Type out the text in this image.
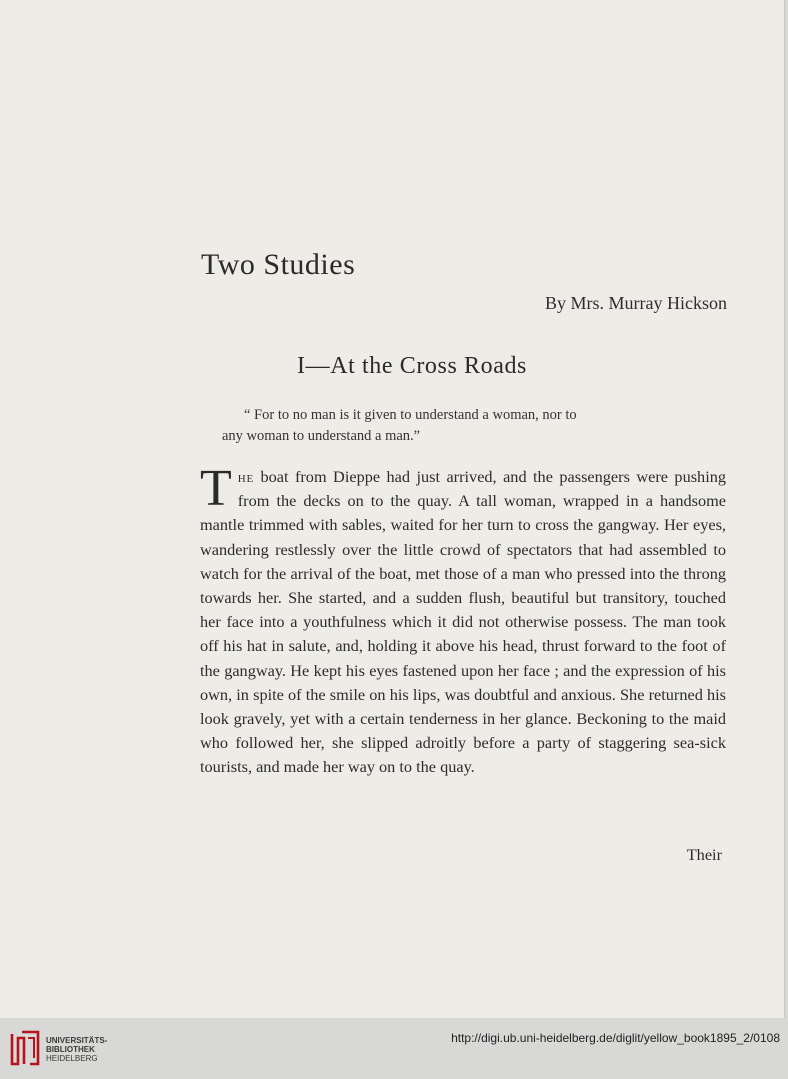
Two Studies
By Mrs. Murray Hickson
I—At the Cross Roads
“ For to no man is it given to understand a woman, nor to
any woman to understand a man.”
The boat from Dieppe had just arrived, and the passengers were pushing from the decks on to the quay. A tall woman, wrapped in a handsome mantle trimmed with sables, waited for her turn to cross the gangway. Her eyes, wandering restlessly over the little crowd of spectators that had assembled to watch for the arrival of the boat, met those of a man who pressed into the throng towards her. She started, and a sudden flush, beautiful but transitory, touched her face into a youthfulness which it did not otherwise possess. The man took off his hat in salute, and, holding it above his head, thrust forward to the foot of the gangway. He kept his eyes fastened upon her face ; and the expression of his own, in spite of the smile on his lips, was doubtful and anxious. She returned his look gravely, yet with a certain tenderness in her glance. Beckoning to the maid who followed her, she slipped adroitly before a party of staggering sea-sick tourists, and made her way on to the quay.
Their
UNIVERSITÄTS-
BIBLIOTHEK
HEIDELBERG
http://digi.ub.uni-heidelberg.de/diglit/yellow_book1895_2/0108
